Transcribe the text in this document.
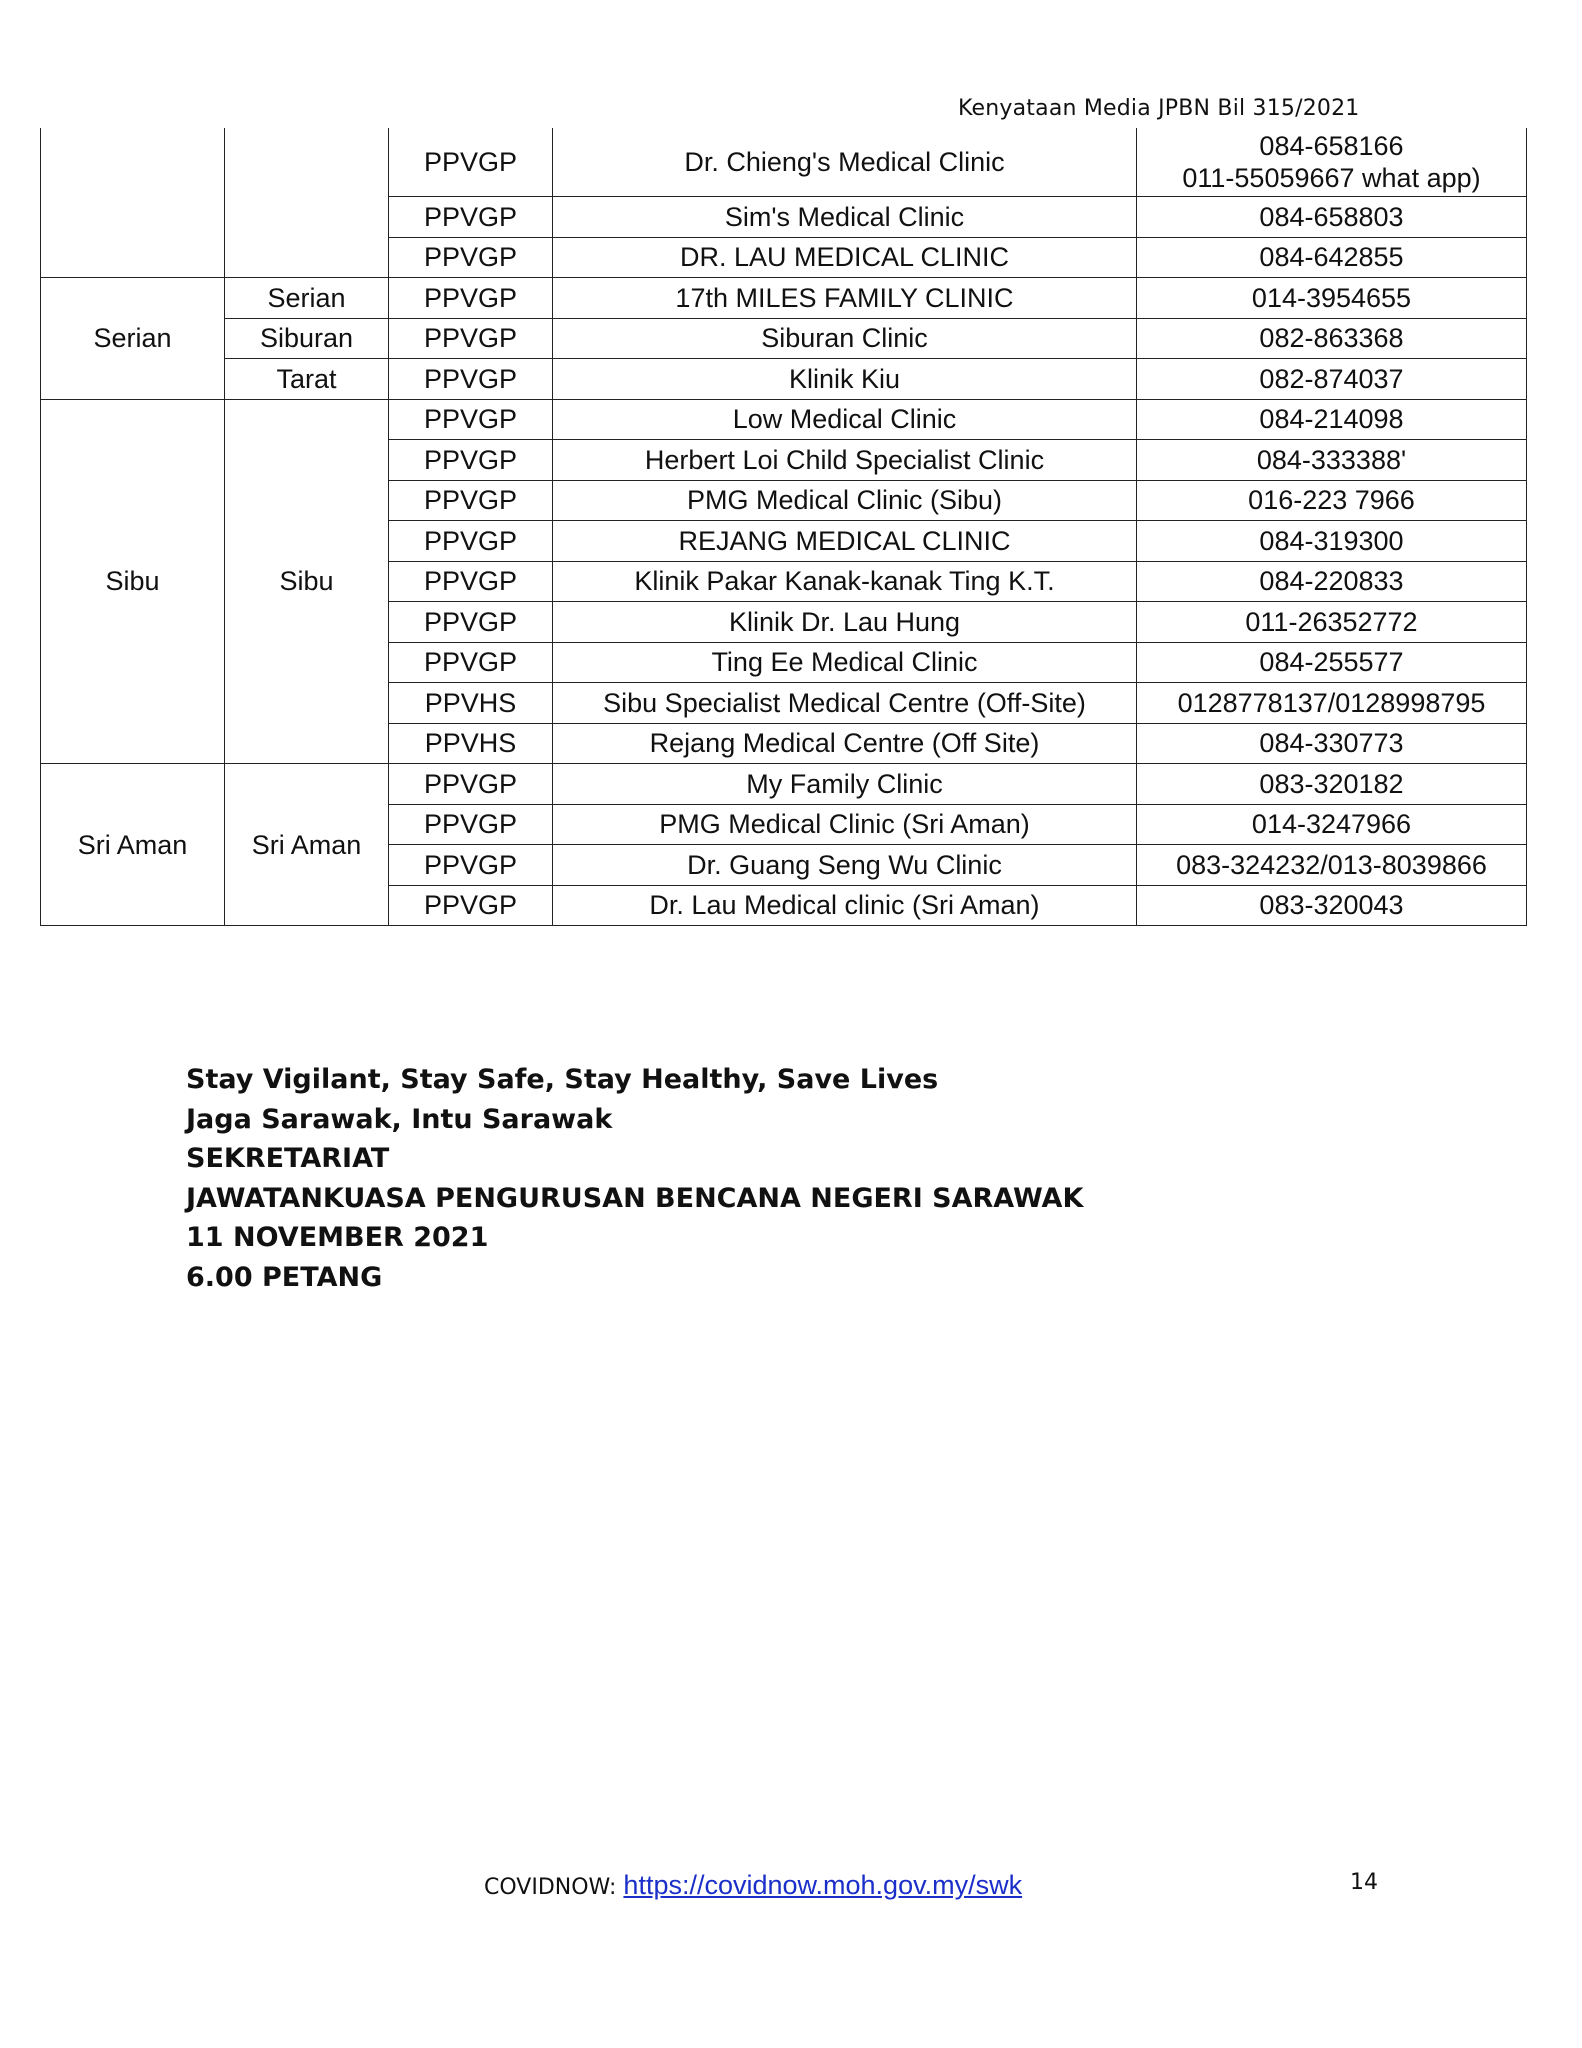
Kenyataan Media JPBN Bil 315/2021
		PPVGP	Dr. Chieng's Medical Clinic	084-658166
011-55059667 what app)

		PPVGP	Sim's Medical Clinic	084-658803
		PPVGP	DR. LAU MEDICAL CLINIC	084-642855
Serian	Serian	PPVGP	17th MILES FAMILY CLINIC	014-3954655
	Siburan	PPVGP	Siburan Clinic	082-863368
	Tarat	PPVGP	Klinik Kiu	082-874037
Sibu	Sibu	PPVGP	Low Medical Clinic	084-214098
		PPVGP	Herbert Loi Child Specialist Clinic	084-333388'
		PPVGP	PMG Medical Clinic (Sibu)	016-223 7966
		PPVGP	REJANG MEDICAL CLINIC	084-319300
		PPVGP	Klinik Pakar Kanak-kanak Ting K.T.	084-220833
		PPVGP	Klinik Dr. Lau Hung	011-26352772
		PPVGP	Ting Ee Medical Clinic	084-255577
		PPVHS	Sibu Specialist Medical Centre (Off-Site)	0128778137/0128998795
		PPVHS	Rejang Medical Centre (Off Site)	084-330773
Sri Aman	Sri Aman	PPVGP	My Family Clinic	083-320182
		PPVGP	PMG Medical Clinic (Sri Aman)	014-3247966
		PPVGP	Dr. Guang Seng Wu Clinic	083-324232/013-8039866
		PPVGP	Dr. Lau Medical clinic (Sri Aman)	083-320043
Stay Vigilant, Stay Safe, Stay Healthy, Save Lives
Jaga Sarawak, Intu Sarawak
SEKRETARIAT
JAWATANKUASA PENGURUSAN BENCANA NEGERI SARAWAK
11 NOVEMBER 2021
6.00 PETANG
COVIDNOW: https://covidnow.moh.gov.my/swk	14
